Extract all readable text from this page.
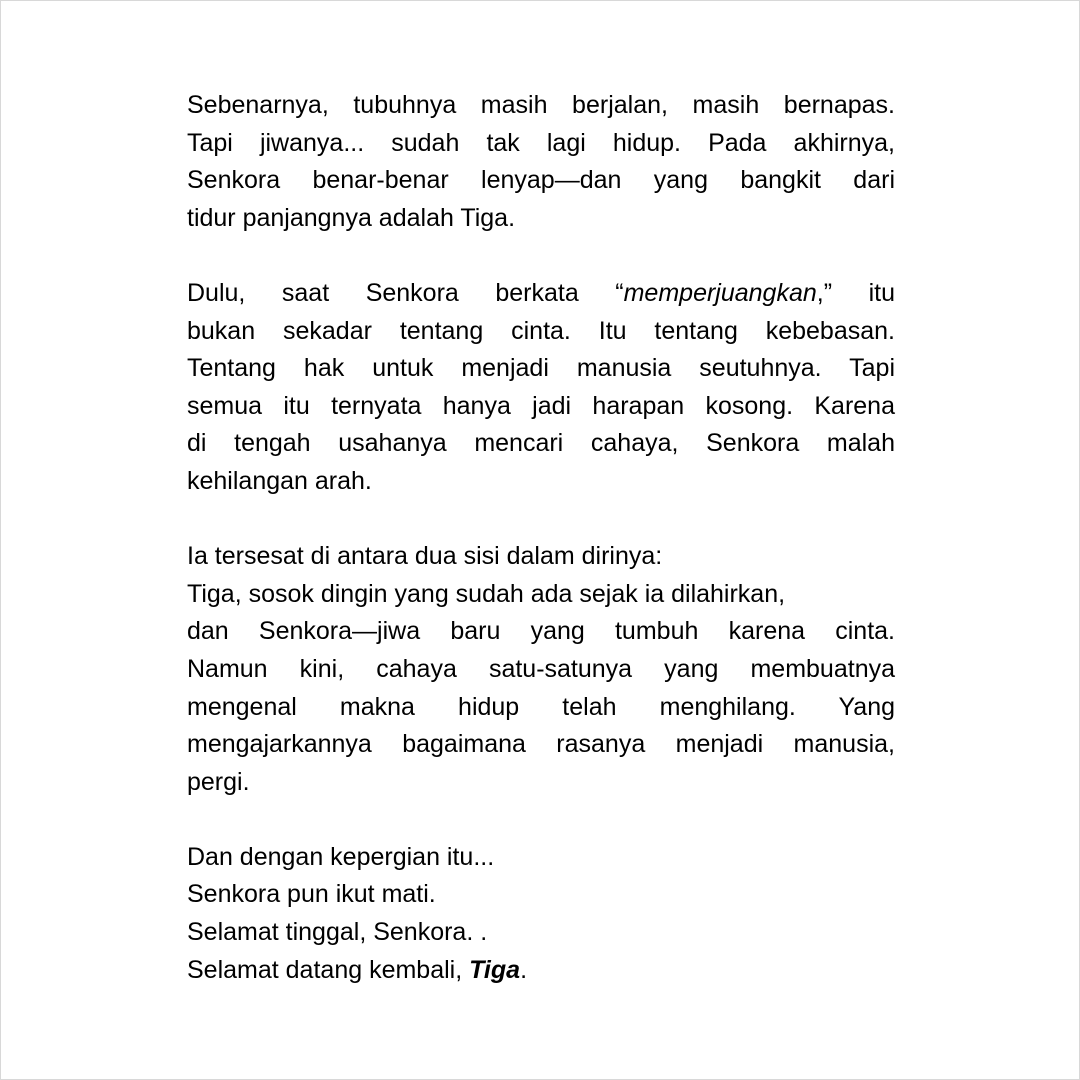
Sebenarnya, tubuhnya masih berjalan, masih bernapas.
Tapi jiwanya... sudah tak lagi hidup. Pada akhirnya,
Senkora benar-benar lenyap—dan yang bangkit dari
tidur panjangnya adalah Tiga.
Dulu, saat Senkora berkata “memperjuangkan,” itu
bukan sekadar tentang cinta. Itu tentang kebebasan.
Tentang hak untuk menjadi manusia seutuhnya. Tapi
semua itu ternyata hanya jadi harapan kosong. Karena
di tengah usahanya mencari cahaya, Senkora malah
kehilangan arah.
Ia tersesat di antara dua sisi dalam dirinya:
Tiga, sosok dingin yang sudah ada sejak ia dilahirkan,
dan Senkora—jiwa baru yang tumbuh karena cinta.
Namun kini, cahaya satu-satunya yang membuatnya
mengenal makna hidup telah menghilang. Yang
mengajarkannya bagaimana rasanya menjadi manusia,
pergi.
Dan dengan kepergian itu...
Senkora pun ikut mati.
Selamat tinggal, Senkora. .
Selamat datang kembali, Tiga.
